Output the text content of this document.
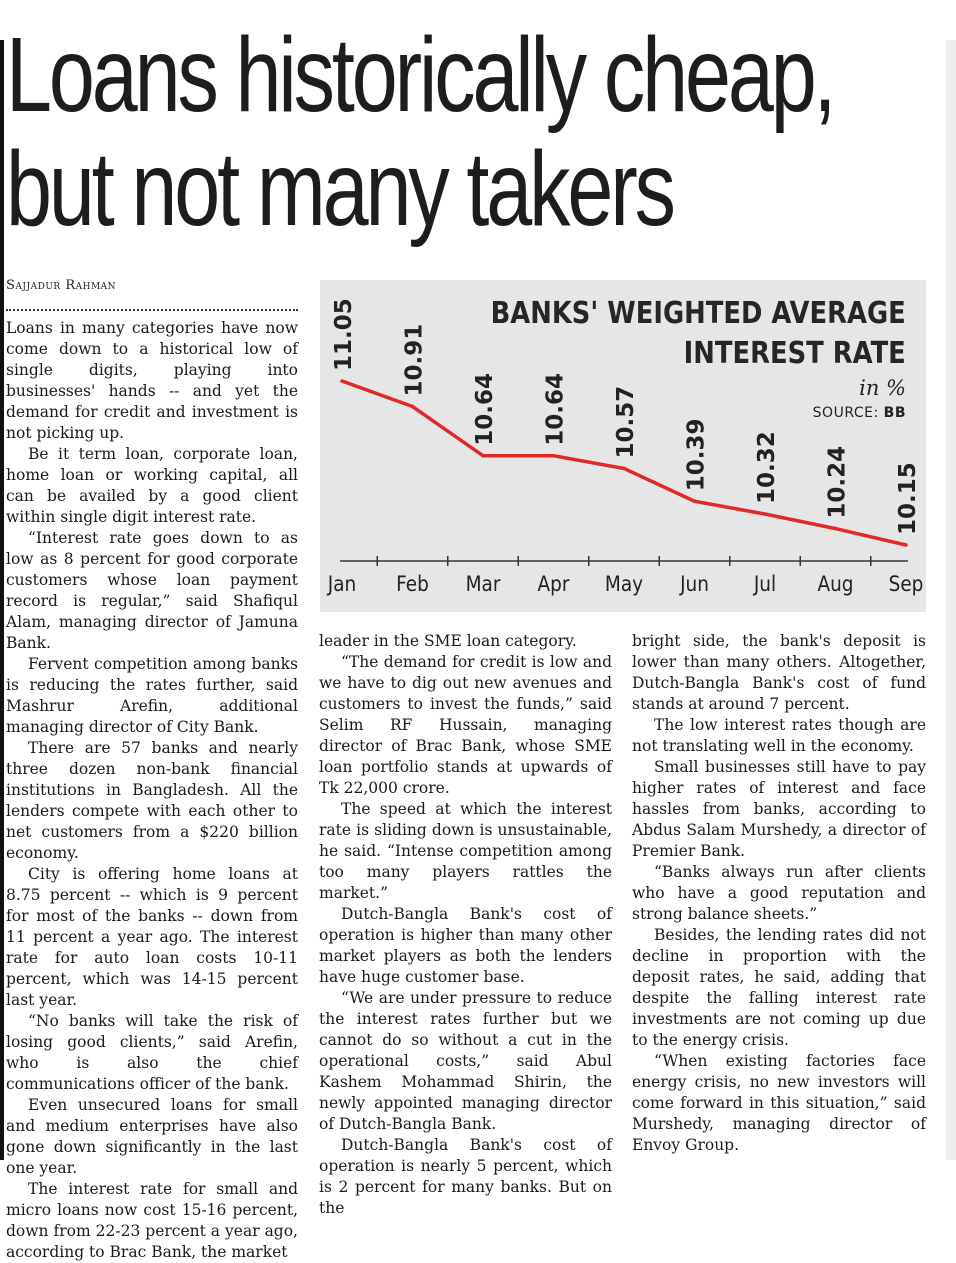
Loans historically cheap,
but not many takers
Sajjadur Rahman
11.05
Jan
10.91
Feb
10.64
Mar
10.64
Apr
10.57
May
10.39
Jun
10.32
Jul
10.24
Aug
10.15
Sep
BANKS' WEIGHTED AVERAGE
INTEREST RATE
in %
SOURCE: BB

Loans in many categories have now come down to a historical low of single digits, playing into businesses' hands -- and yet the demand for credit and investment is not picking up.

Be it term loan, corporate loan, home loan or working capital, all can be availed by a good client within single digit interest rate.

“Interest rate goes down to as low as 8 percent for good corporate customers whose loan payment record is regular,” said Shafiqul Alam, managing director of Jamuna Bank.

Fervent competition among banks is reducing the rates further, said Mashrur Arefin, additional managing director of City Bank.

There are 57 banks and nearly three dozen non-bank financial institutions in Bangladesh. All the lenders compete with each other to net customers from a $220 billion economy.

City is offering home loans at 8.75 percent -- which is 9 percent for most of the banks -- down from 11 percent a year ago. The interest rate for auto loan costs 10-11 percent, which was 14-15 percent last year.

“No banks will take the risk of losing good clients,” said Arefin, who is also the chief communications officer of the bank.

Even unsecured loans for small and medium enterprises have also gone down significantly in the last one year.

The interest rate for small and micro loans now cost 15-16 percent, down from 22-23 percent a year ago, according to Brac Bank, the market

leader in the SME loan category.

“The demand for credit is low and we have to dig out new avenues and customers to invest the funds,” said Selim RF Hussain, managing director of Brac Bank, whose SME loan portfolio stands at upwards of Tk 22,000 crore.

The speed at which the interest rate is sliding down is unsustainable, he said. “Intense competition among too many players rattles the market.”

Dutch-Bangla Bank's cost of operation is higher than many other market players as both the lenders have huge customer base.

“We are under pressure to reduce the interest rates further but we cannot do so without a cut in the operational costs,” said Abul Kashem Mohammad Shirin, the newly appointed managing director of Dutch-Bangla Bank.

Dutch-Bangla Bank's cost of operation is nearly 5 percent, which is 2 percent for many banks. But on the

bright side, the bank's deposit is lower than many others. Altogether, Dutch-Bangla Bank's cost of fund stands at around 7 percent.

The low interest rates though are not translating well in the economy.

Small businesses still have to pay higher rates of interest and face hassles from banks, according to Abdus Salam Murshedy, a director of Premier Bank.

“Banks always run after clients who have a good reputation and strong balance sheets.”

Besides, the lending rates did not decline in proportion with the deposit rates, he said, adding that despite the falling interest rate investments are not coming up due to the energy crisis.

“When existing factories face energy crisis, no new investors will come forward in this situation,” said Murshedy, managing director of Envoy Group.
